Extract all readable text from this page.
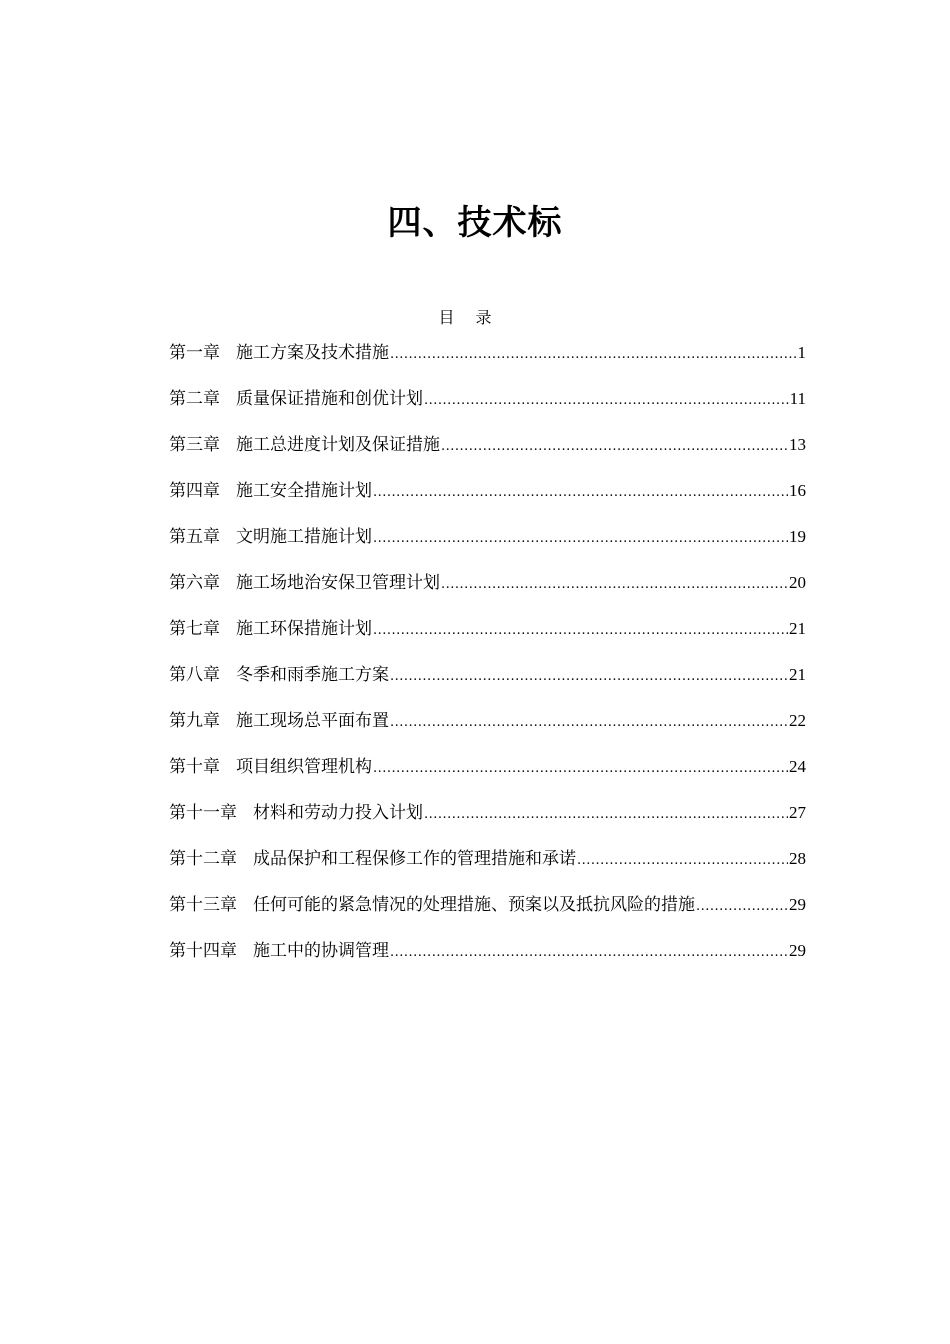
四、技术标
目 录
第一章 施工方案及技术措施 .....	1
第二章 质量保证措施和创优计划 .....	11
第三章 施工总进度计划及保证措施 .....	13
第四章 施工安全措施计划 .....	16
第五章 文明施工措施计划 .....	19
第六章 施工场地治安保卫管理计划 .....	20
第七章 施工环保措施计划 .....	21
第八章 冬季和雨季施工方案 .....	21
第九章 施工现场总平面布置 .....	22
第十章 项目组织管理机构 .....	24
第十一章 材料和劳动力投入计划 .....	27
第十二章 成品保护和工程保修工作的管理措施和承诺 .....	28
第十三章 任何可能的紧急情况的处理措施、预案以及抵抗风险的措施 .....	29
第十四章 施工中的协调管理 .....	29
